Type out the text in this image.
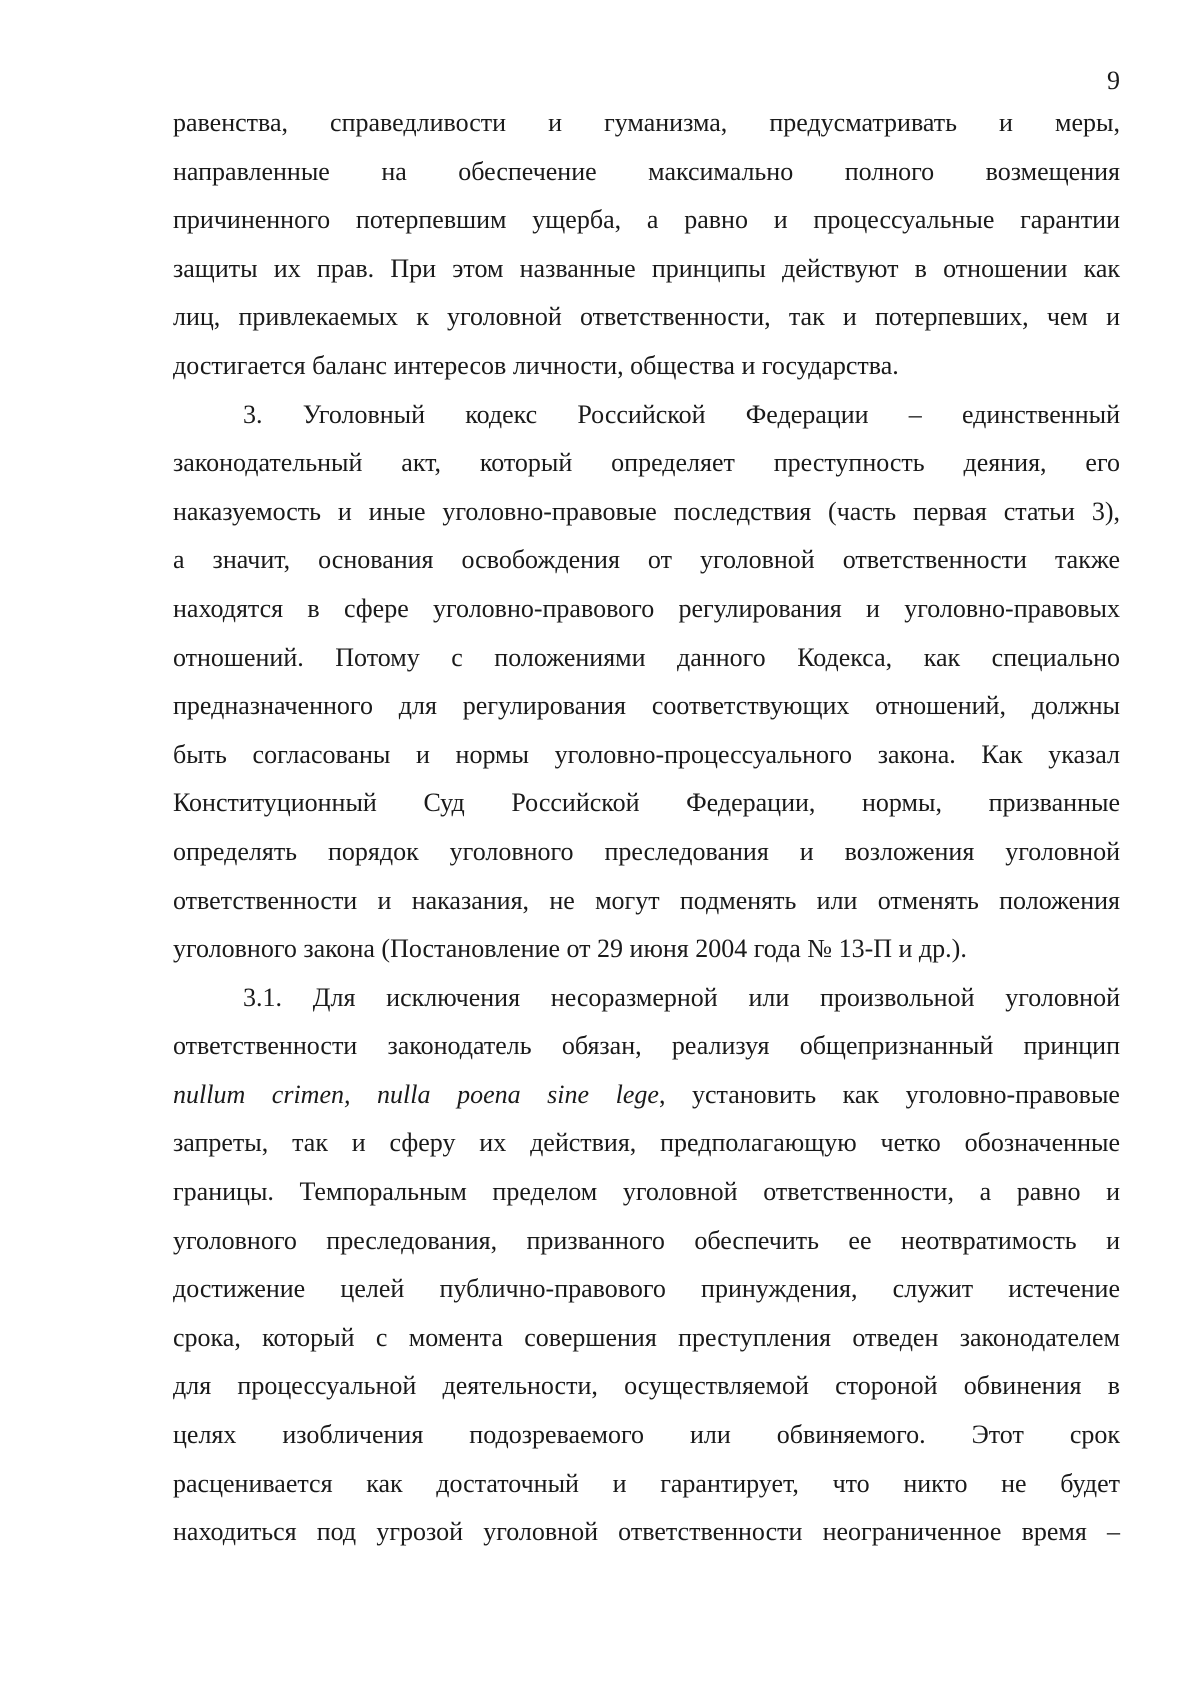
9
равенства, справедливости и гуманизма, предусматривать и меры,
направленные на обеспечение максимально полного возмещения
причиненного потерпевшим ущерба, а равно и процессуальные гарантии
защиты их прав. При этом названные принципы действуют в отношении как
лиц, привлекаемых к уголовной ответственности, так и потерпевших, чем и
достигается баланс интересов личности, общества и государства.
3. Уголовный кодекс Российской Федерации – единственный
законодательный акт, который определяет преступность деяния, его
наказуемость и иные уголовно-правовые последствия (часть первая статьи 3),
а значит, основания освобождения от уголовной ответственности также
находятся в сфере уголовно-правового регулирования и уголовно-правовых
отношений. Потому с положениями данного Кодекса, как специально
предназначенного для регулирования соответствующих отношений, должны
быть согласованы и нормы уголовно-процессуального закона. Как указал
Конституционный Суд Российской Федерации, нормы, призванные
определять порядок уголовного преследования и возложения уголовной
ответственности и наказания, не могут подменять или отменять положения
уголовного закона (Постановление от 29 июня 2004 года № 13-П и др.).
3.1. Для исключения несоразмерной или произвольной уголовной
ответственности законодатель обязан, реализуя общепризнанный принцип
nullum crimen, nulla poena sine lege, установить как уголовно-правовые
запреты, так и сферу их действия, предполагающую четко обозначенные
границы. Темпоральным пределом уголовной ответственности, а равно и
уголовного преследования, призванного обеспечить ее неотвратимость и
достижение целей публично-правового принуждения, служит истечение
срока, который с момента совершения преступления отведен законодателем
для процессуальной деятельности, осуществляемой стороной обвинения в
целях изобличения подозреваемого или обвиняемого. Этот срок
расценивается как достаточный и гарантирует, что никто не будет
находиться под угрозой уголовной ответственности неограниченное время –
